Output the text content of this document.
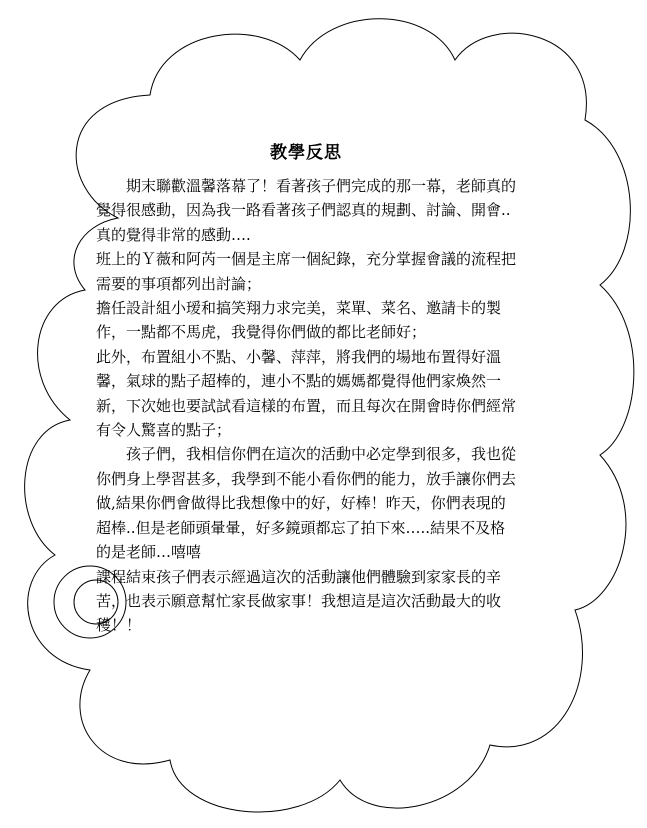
教學反思

期末聯歡溫馨落幕了！看著孩子們完成的那一幕，老師真的覺得很感動，因為我一路看著孩子們認真的規劃、討論、開會..真的覺得非常的感動….

班上的Ｙ薇和阿芮一個是主席一個紀錄，充分掌握會議的流程把需要的事項都列出討論；

擔任設計組小瑷和搞笑翔力求完美，菜單、菜名、邀請卡的製作，一點都不馬虎，我覺得你們做的都比老師好；

此外，布置組小不點、小馨、萍萍，將我們的場地布置得好溫馨，氣球的點子超棒的，連小不點的媽媽都覺得他們家煥然一新，下次她也要試試看這樣的布置，而且每次在開會時你們經常有令人驚喜的點子；

孩子們，我相信你們在這次的活動中必定學到很多，我也從你們身上學習甚多，我學到不能小看你們的能力，放手讓你們去做,結果你們會做得比我想像中的好，好棒！昨天，你們表現的超棒..但是老師頭暈暈，好多鏡頭都忘了拍下來…..結果不及格的是老師…嘻嘻

課程結束孩子們表示經過這次的活動讓他們體驗到家家長的辛苦，也表示願意幫忙家長做家事！我想這是這次活動最大的收穫！！
